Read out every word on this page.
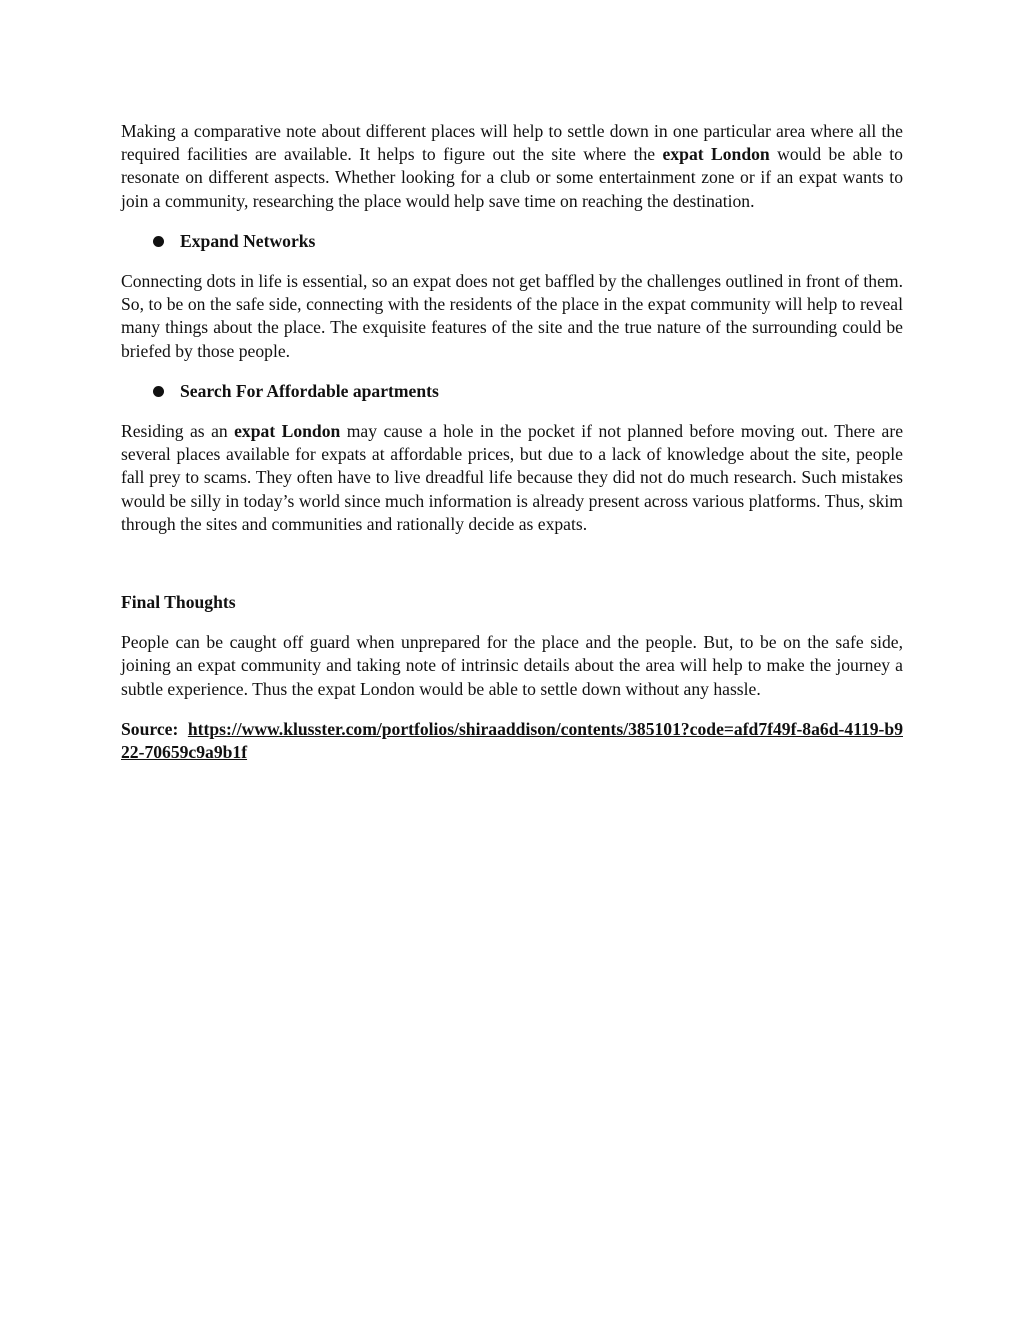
Making a comparative note about different places will help to settle down in one particular area where all the required facilities are available. It helps to figure out the site where the expat London would be able to resonate on different aspects. Whether looking for a club or some entertainment zone or if an expat wants to join a community, researching the place would help save time on reaching the destination.

Expand Networks

Connecting dots in life is essential, so an expat does not get baffled by the challenges outlined in front of them. So, to be on the safe side, connecting with the residents of the place in the expat community will help to reveal many things about the place. The exquisite features of the site and the true nature of the surrounding could be briefed by those people.

Search For Affordable apartments

Residing as an expat London may cause a hole in the pocket if not planned before moving out. There are several places available for expats at affordable prices, but due to a lack of knowledge about the site, people fall prey to scams. They often have to live dreadful life because they did not do much research. Such mistakes would be silly in today’s world since much information is already present across various platforms. Thus, skim through the sites and communities and rationally decide as expats.

Final Thoughts

People can be caught off guard when unprepared for the place and the people. But, to be on the safe side, joining an expat community and taking note of intrinsic details about the area will help to make the journey a subtle experience. Thus the expat London would be able to settle down without any hassle.

Source: https://www.klusster.com/portfolios/shiraaddison/contents/385101?code=afd7f49f-8a6d-4119-b922-70659c9a9b1f
